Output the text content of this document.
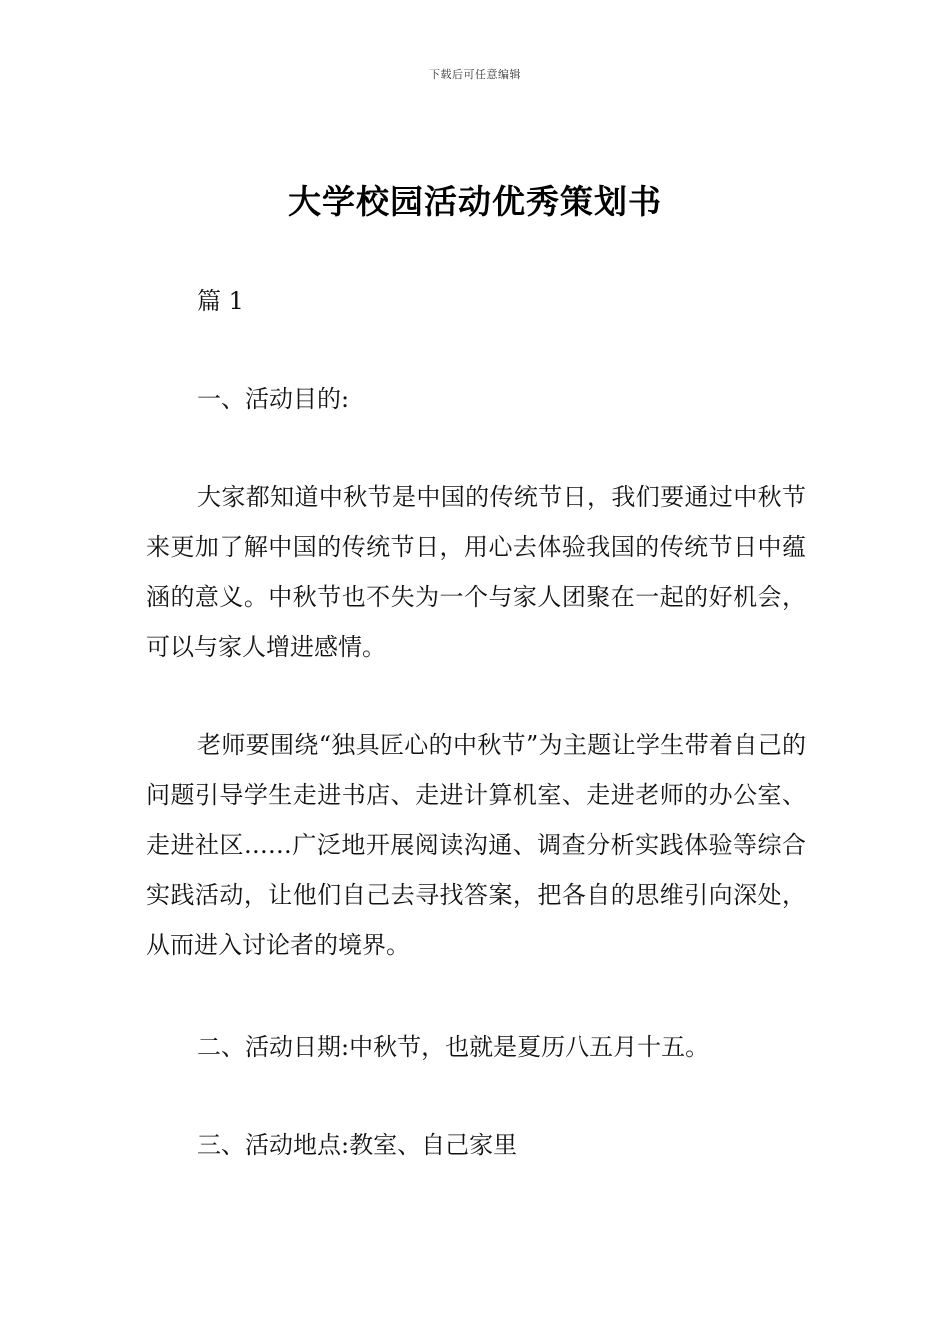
下载后可任意编辑
大学校园活动优秀策划书
篇 1
一、活动目的:
大家都知道中秋节是中国的传统节日，我们要通过中秋节来更加了解中国的传统节日，用心去体验我国的传统节日中蕴涵的意义。中秋节也不失为一个与家人团聚在一起的好机会，可以与家人增进感情。
老师要围绕“独具匠心的中秋节”为主题让学生带着自己的问题引导学生走进书店、走进计算机室、走进老师的办公室、走进社区……广泛地开展阅读沟通、调查分析实践体验等综合实践活动，让他们自己去寻找答案，把各自的思维引向深处，从而进入讨论者的境界。
二、活动日期:中秋节，也就是夏历八五月十五。
三、活动地点:教室、自己家里
